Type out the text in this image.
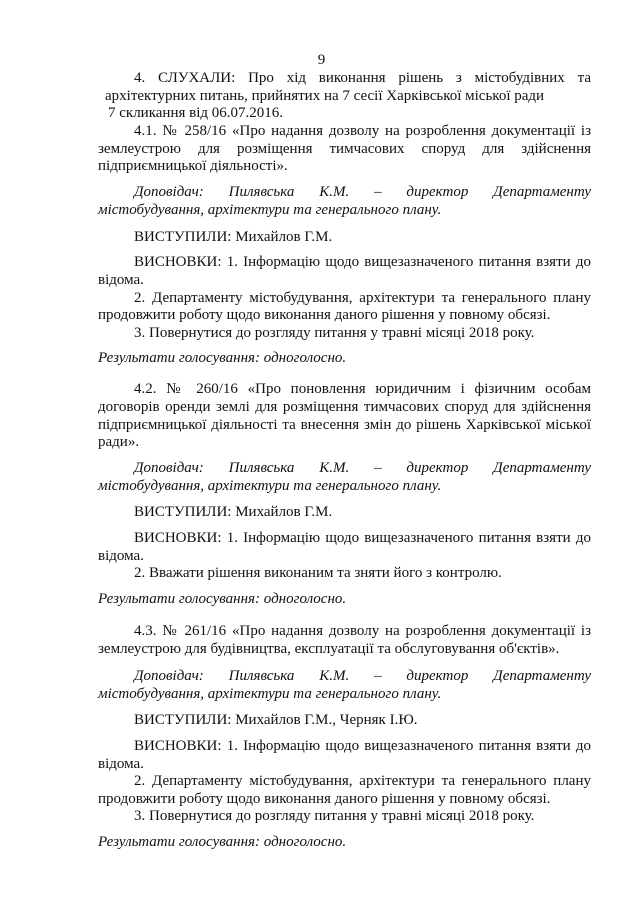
9
4. СЛУХАЛИ: Про хід виконання рішень з містобудівних та
архітектурних питань, прийнятих на 7 сесії Харківської міської ради
7 скликання від 06.07.2016.
4.1. № 258/16 «Про надання дозволу на розроблення документації із
землеустрою для розміщення тимчасових споруд для здійснення
підприємницької діяльності».
Доповідач: Пилявська К.М. – директор Департаменту
містобудування, архітектури та генерального плану.
ВИСТУПИЛИ: Михайлов Г.М.
ВИСНОВКИ: 1. Інформацію щодо вищезазначеного питання взяти до
відома.
2. Департаменту містобудування, архітектури та генерального плану
продовжити роботу щодо виконання даного рішення у повному обсязі.
3. Повернутися до розгляду питання у травні місяці 2018 року.
Результати голосування: одноголосно.
4.2. № 260/16 «Про поновлення юридичним і фізичним особам
договорів оренди землі для розміщення тимчасових споруд для здійснення
підприємницької діяльності та внесення змін до рішень Харківської міської
ради».
Доповідач: Пилявська К.М. – директор Департаменту
містобудування, архітектури та генерального плану.
ВИСТУПИЛИ: Михайлов Г.М.
ВИСНОВКИ: 1. Інформацію щодо вищезазначеного питання взяти до
відома.
2. Вважати рішення виконаним та зняти його з контролю.
Результати голосування: одноголосно.
4.3. № 261/16 «Про надання дозволу на розроблення документації із
землеустрою для будівництва, експлуатації та обслуговування об'єктів».
Доповідач: Пилявська К.М. – директор Департаменту
містобудування, архітектури та генерального плану.
ВИСТУПИЛИ: Михайлов Г.М., Черняк І.Ю.
ВИСНОВКИ: 1. Інформацію щодо вищезазначеного питання взяти до
відома.
2. Департаменту містобудування, архітектури та генерального плану
продовжити роботу щодо виконання даного рішення у повному обсязі.
3. Повернутися до розгляду питання у травні місяці 2018 року.
Результати голосування: одноголосно.
